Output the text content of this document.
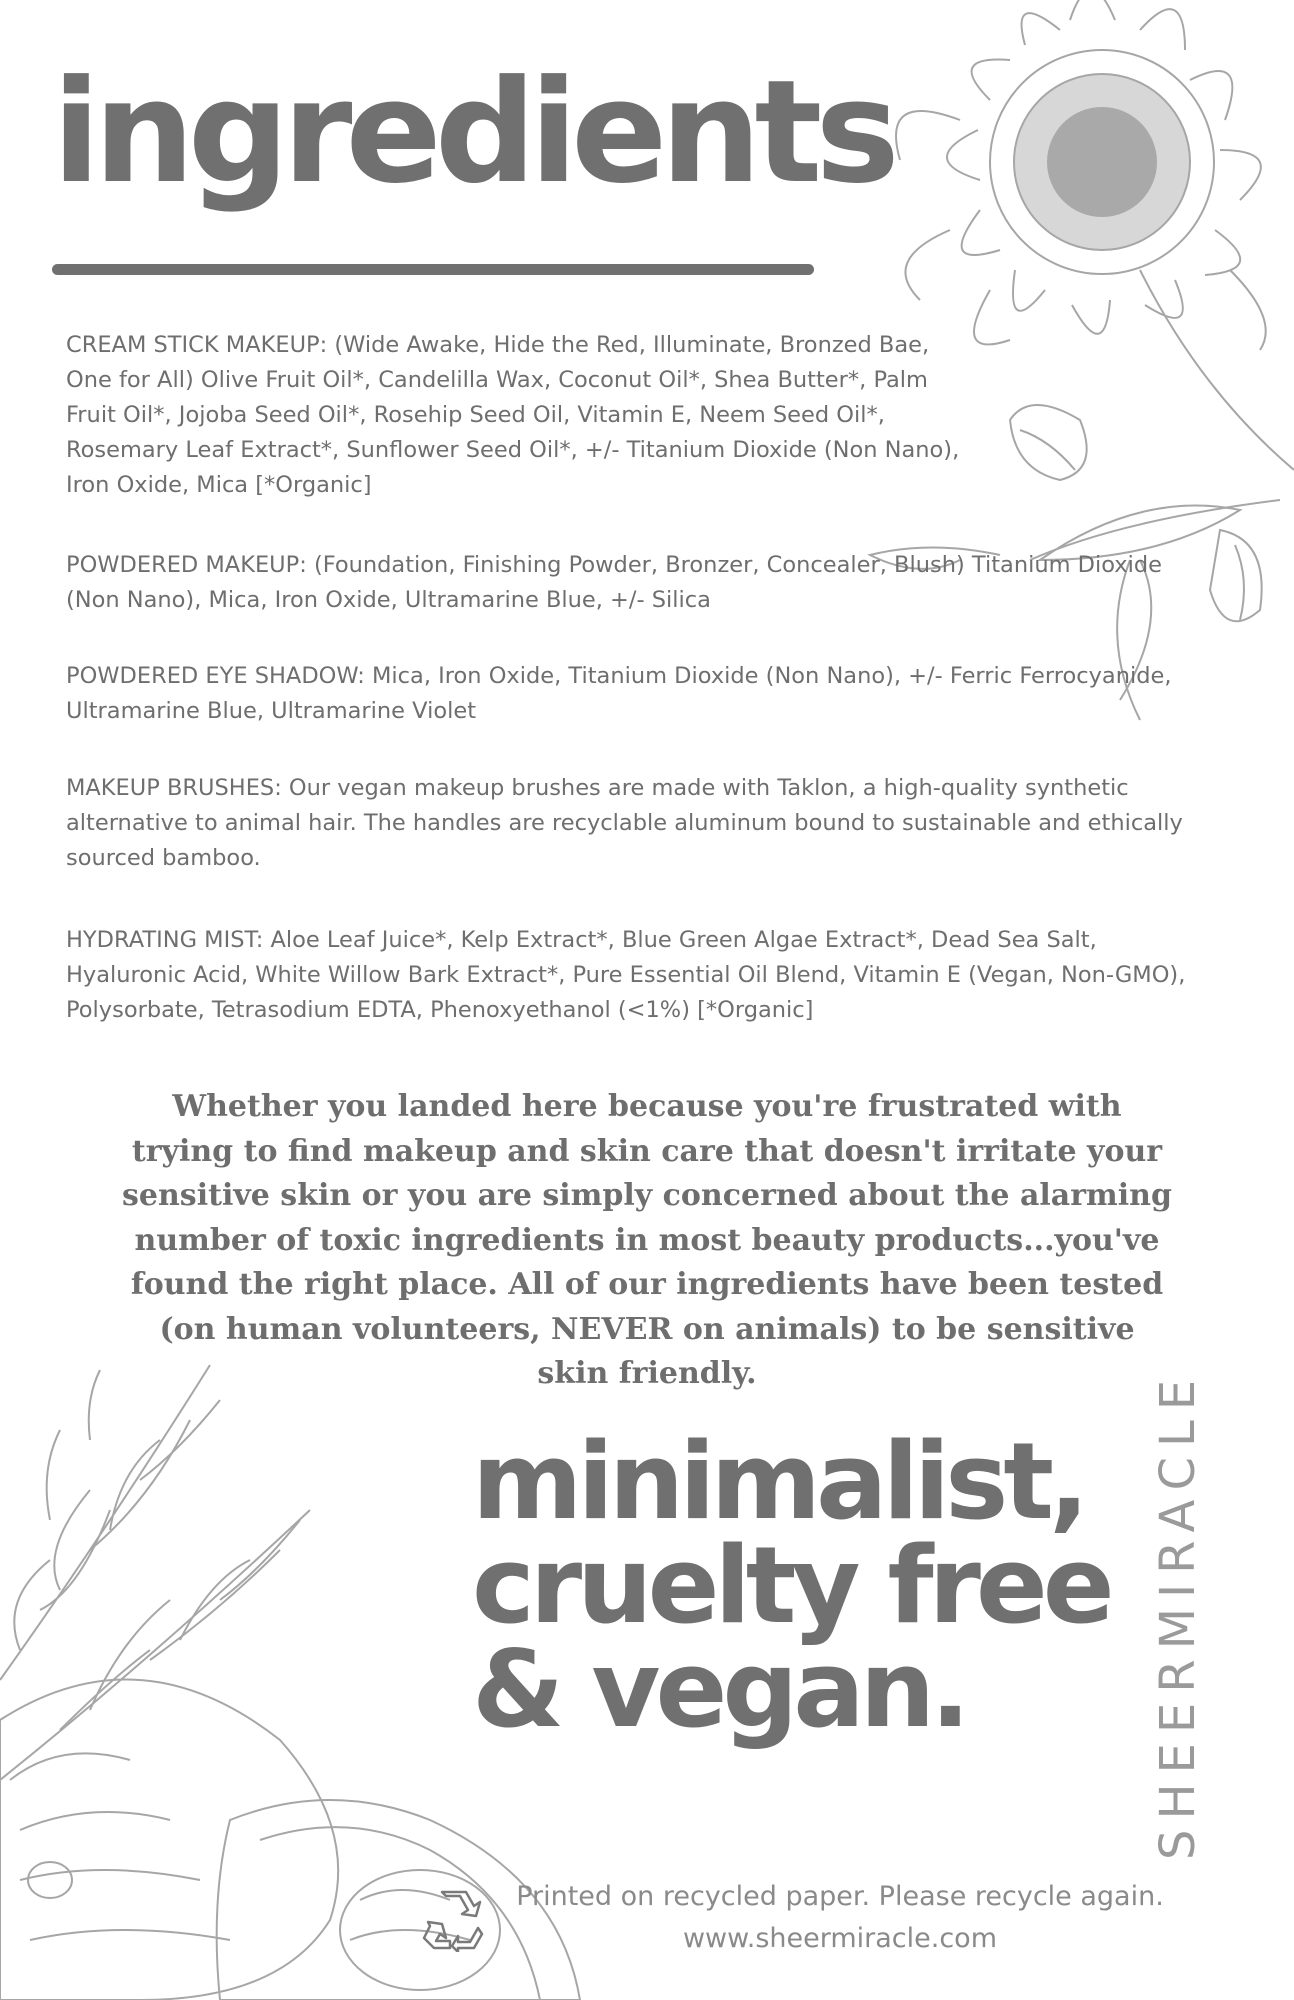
ingredients

CREAM STICK MAKEUP: (Wide Awake, Hide the Red, Illuminate, Bronzed Bae, One for All) Olive Fruit Oil*, Candelilla Wax, Coconut Oil*, Shea Butter*, Palm Fruit Oil*, Jojoba Seed Oil*, Rosehip Seed Oil, Vitamin E, Neem Seed Oil*, Rosemary Leaf Extract*, Sunflower Seed Oil*, +/- Titanium Dioxide (Non Nano), Iron Oxide, Mica [*Organic]

POWDERED MAKEUP: (Foundation, Finishing Powder, Bronzer, Concealer, Blush) Titanium Dioxide (Non Nano), Mica, Iron Oxide, Ultramarine Blue, +/- Silica

POWDERED EYE SHADOW: Mica, Iron Oxide, Titanium Dioxide (Non Nano), +/- Ferric Ferrocyanide, Ultramarine Blue, Ultramarine Violet

MAKEUP BRUSHES: Our vegan makeup brushes are made with Taklon, a high-quality synthetic alternative to animal hair. The handles are recyclable aluminum bound to sustainable and ethically sourced bamboo.

HYDRATING MIST: Aloe Leaf Juice*, Kelp Extract*, Blue Green Algae Extract*, Dead Sea Salt, Hyaluronic Acid, White Willow Bark Extract*, Pure Essential Oil Blend, Vitamin E (Vegan, Non-GMO), Polysorbate, Tetrasodium EDTA, Phenoxyethanol (<1%) [*Organic]

Whether you landed here because you're frustrated with trying to find makeup and skin care that doesn't irritate your sensitive skin or you are simply concerned about the alarming number of toxic ingredients in most beauty products...you've found the right place. All of our ingredients have been tested (on human volunteers, NEVER on animals) to be sensitive skin friendly.

minimalist,
cruelty free
& vegan.	SHEERMIRACLE
Printed on recycled paper. Please recycle again.
www.sheermiracle.com
